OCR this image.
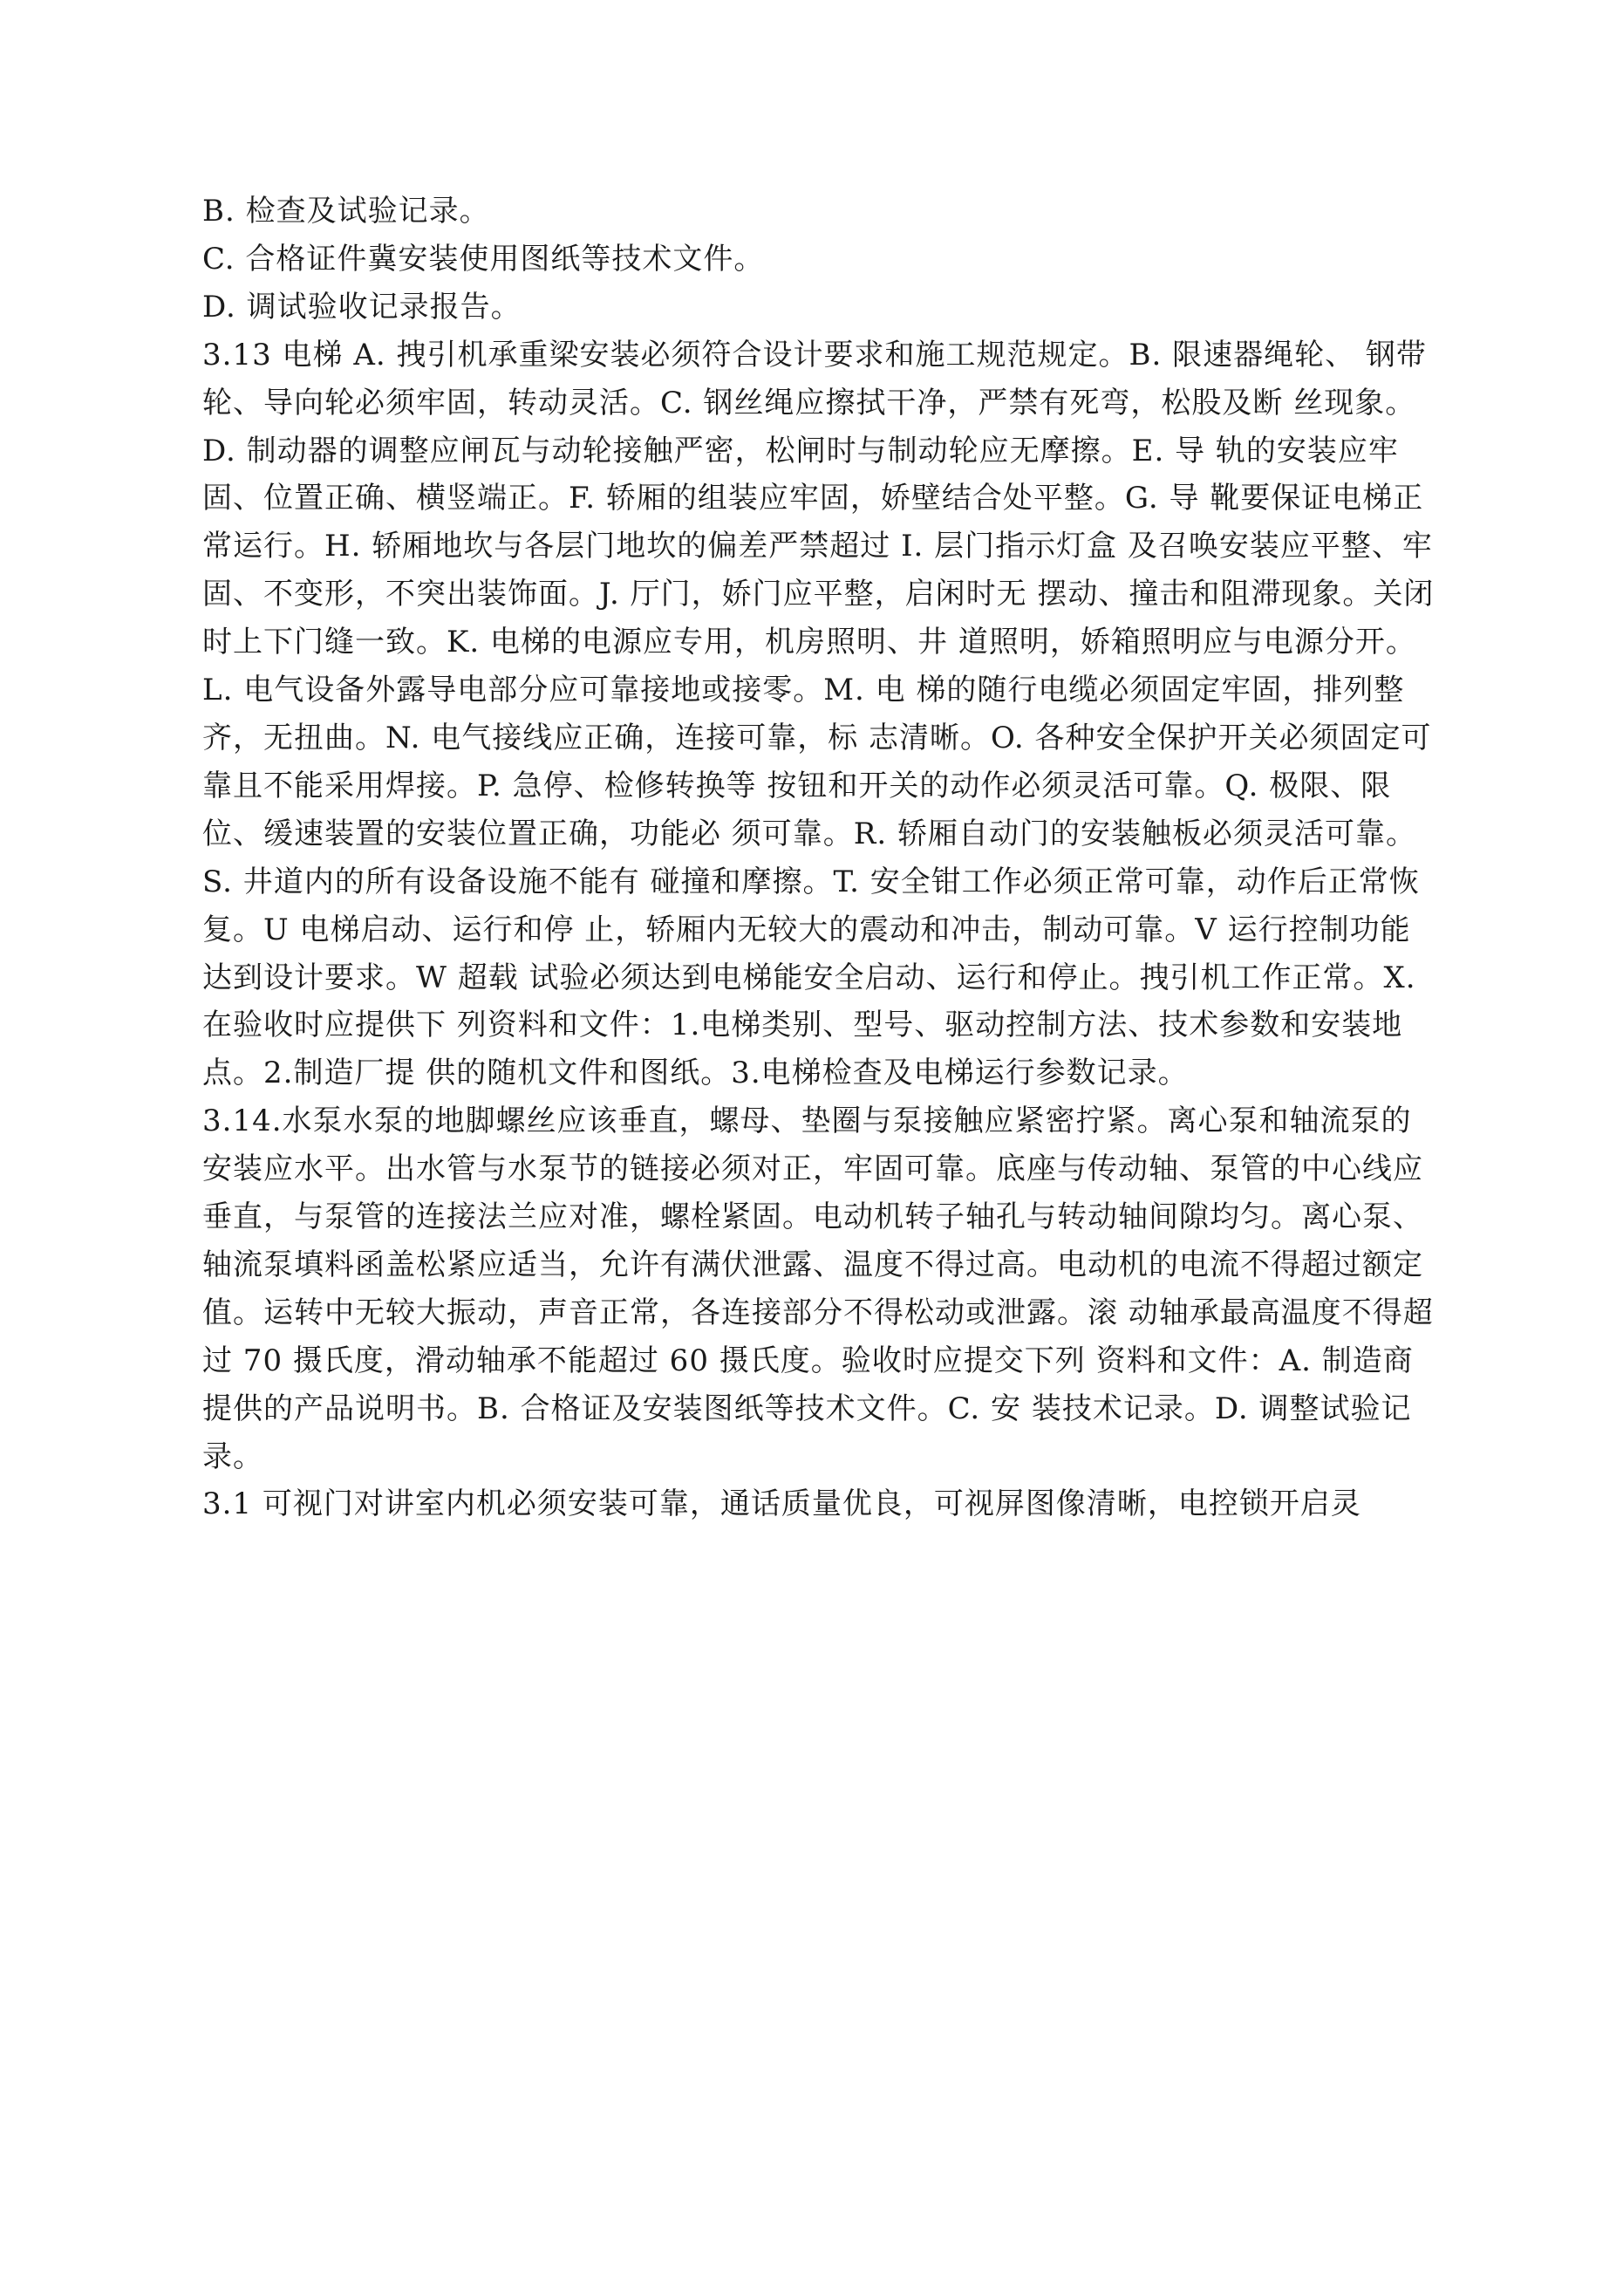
B. 检查及试验记录。

C. 合格证件冀安装使用图纸等技术文件。

D. 调试验收记录报告。

3.13 电梯 A. 拽引机承重梁安装必须符合设计要求和施工规范规定。B. 限速器绳轮、 钢带轮、导向轮必须牢固，转动灵活。C. 钢丝绳应擦拭干净，严禁有死弯，松股及断 丝现象。D. 制动器的调整应闸瓦与动轮接触严密，松闸时与制动轮应无摩擦。E. 导 轨的安装应牢固、位置正确、横竖端正。F. 轿厢的组装应牢固，娇壁结合处平整。G. 导 靴要保证电梯正常运行。H. 轿厢地坎与各层门地坎的偏差严禁超过 I. 层门指示灯盒 及召唤安装应平整、牢固、不变形，不突出装饰面。J. 厅门，娇门应平整，启闲时无 摆动、撞击和阻滞现象。关闭时上下门缝一致。K. 电梯的电源应专用，机房照明、井 道照明，娇箱照明应与电源分开。L. 电气设备外露导电部分应可靠接地或接零。M. 电 梯的随行电缆必须固定牢固，排列整齐，无扭曲。N. 电气接线应正确，连接可靠，标 志清晰。O. 各种安全保护开关必须固定可靠且不能采用焊接。P. 急停、检修转换等 按钮和开关的动作必须灵活可靠。Q. 极限、限位、缓速装置的安装位置正确，功能必 须可靠。R. 轿厢自动门的安装触板必须灵活可靠。S. 井道内的所有设备设施不能有 碰撞和摩擦。T. 安全钳工作必须正常可靠，动作后正常恢复。U 电梯启动、运行和停 止，轿厢内无较大的震动和冲击，制动可靠。V 运行控制功能达到设计要求。W 超载 试验必须达到电梯能安全启动、运行和停止。拽引机工作正常。X. 在验收时应提供下 列资料和文件：1.电梯类别、型号、驱动控制方法、技术参数和安装地点。2.制造厂提 供的随机文件和图纸。3.电梯检查及电梯运行参数记录。

3.14.水泵水泵的地脚螺丝应该垂直，螺母、垫圈与泵接触应紧密拧紧。离心泵和轴流泵的安装应水平。出水管与水泵节的链接必须对正，牢固可靠。底座与传动轴、泵管的中心线应垂直，与泵管的连接法兰应对准，螺栓紧固。电动机转子轴孔与转动轴间隙均匀。离心泵、轴流泵填料函盖松紧应适当，允许有满伏泄露、温度不得过高。电动机的电流不得超过额定值。运转中无较大振动，声音正常，各连接部分不得松动或泄露。滚 动轴承最高温度不得超过 70 摄氏度，滑动轴承不能超过 60 摄氏度。验收时应提交下列 资料和文件：A. 制造商提供的产品说明书。B. 合格证及安装图纸等技术文件。C. 安 装技术记录。D. 调整试验记录。

3.1 可视门对讲室内机必须安装可靠，通话质量优良，可视屏图像清晰，电控锁开启灵
